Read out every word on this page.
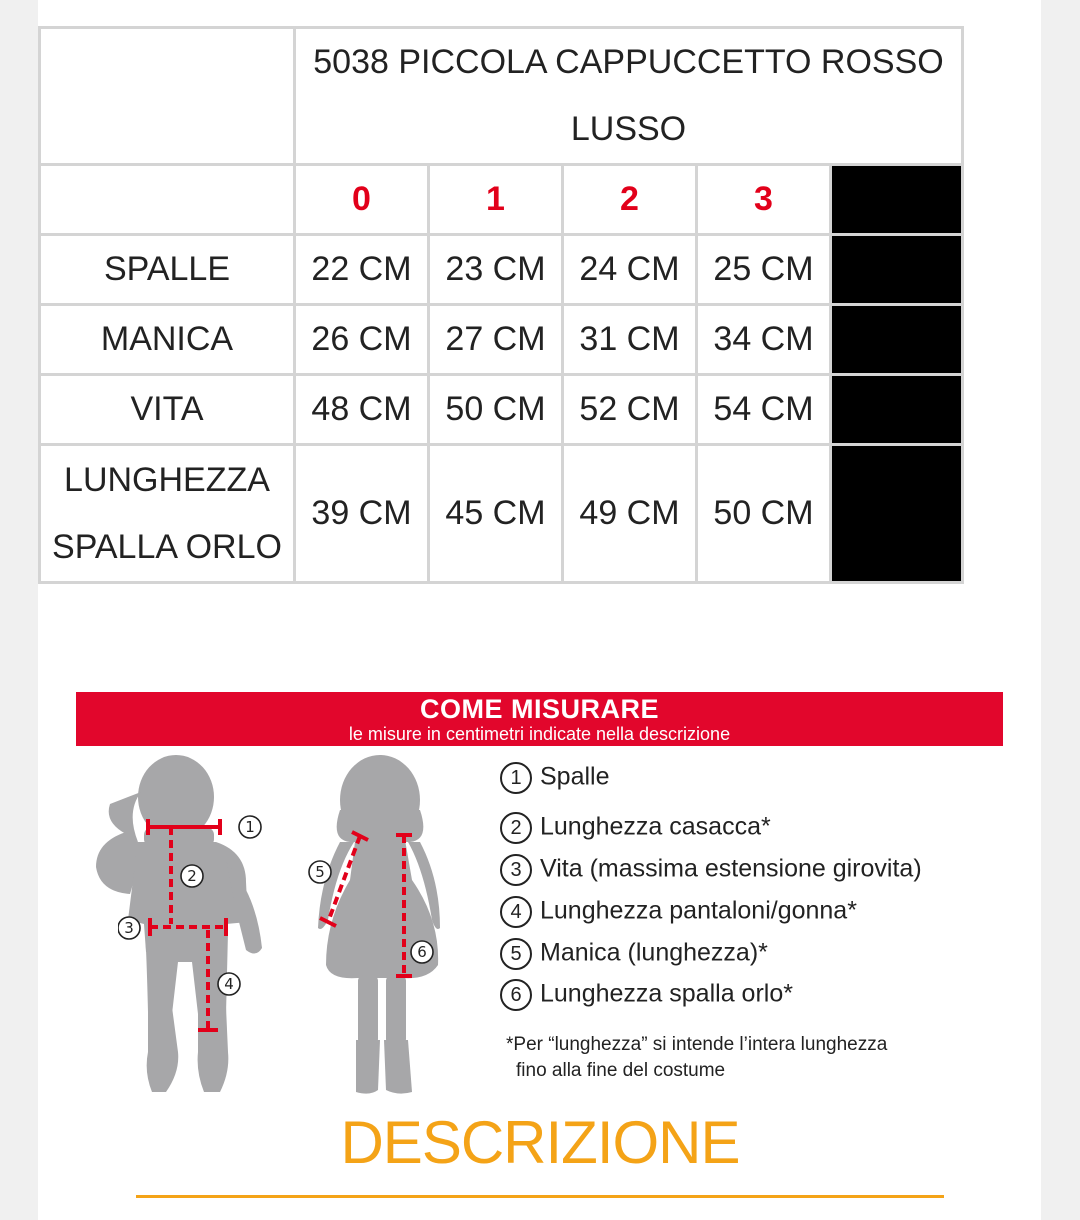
	5038 PICCOLA CAPPUCCETTO ROSSO LUSSO				
	0	1	2	3	
SPALLE	22 CM	23 CM	24 CM	25 CM	
MANICA	26 CM	27 CM	31 CM	34 CM	
VITA	48 CM	50 CM	52 CM	54 CM	

LUNGHEZZA
SPALLA ORLO	39 CM	45 CM	49 CM	50 CM	
COME MISURARE
le misure in centimetri indicate nella descrizione
1
2
3
4
5
6
1 Spalle
2 Lunghezza casacca*
3 Vita (massima estensione girovita)
4 Lunghezza pantaloni/gonna*
5 Manica (lunghezza)*
6 Lunghezza spalla orlo*
*Per “lunghezza” si intende l’intera lunghezza
fino alla fine del costume
DESCRIZIONE
